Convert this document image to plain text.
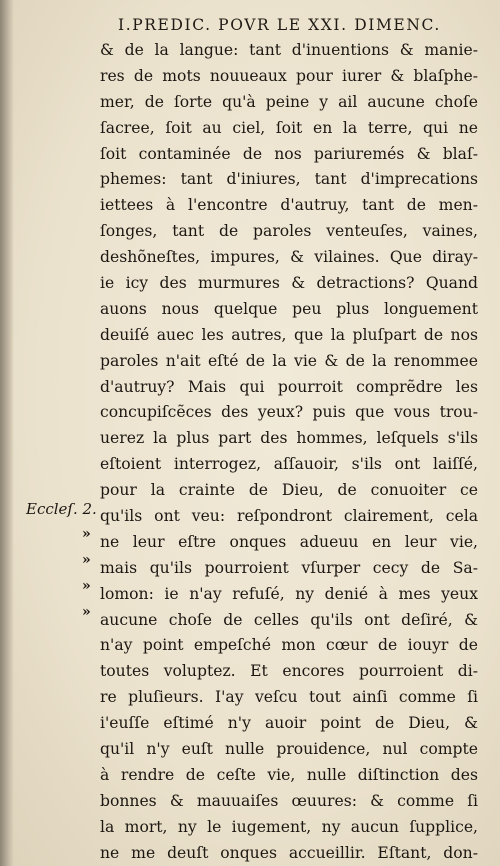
I.PREDIC. POVR LE XXI. DIMENC.
& de la langue: tant d'inuentions & manie-
res de mots nouueaux pour iurer & blaſphe-
mer, de ſorte qu'à peine y ail aucune choſe
ſacree, ſoit au ciel, ſoit en la terre, qui ne
ſoit contaminée de nos pariuremés & blaſ-
phemes: tant d'iniures, tant d'imprecations
iettees à l'encontre d'autruy, tant de men-
ſonges, tant de paroles venteuſes, vaines,
deshõneſtes, impures, & vilaines. Que diray-
ie icy des murmures & detractions? Quand
auons nous quelque peu plus longuement
deuiſé auec les autres, que la pluſpart de nos
paroles n'ait eſté de la vie & de la renommee
d'autruy? Mais qui pourroit comprẽdre les
concupiſcẽces des yeux? puis que vous trou-
uerez la plus part des hommes, leſquels s'ils
eſtoient interrogez, aſſauoir, s'ils ont laiſſé,
pour la crainte de Dieu, de conuoiter ce
qu'ils ont veu: reſpondront clairement, cela
ne leur eſtre onques adueuu en leur vie,
mais qu'ils pourroient vſurper cecy de Sa-
lomon: ie n'ay refuſé, ny denié à mes yeux
aucune choſe de celles qu'ils ont deſiré, &
n'ay point empeſché mon cœur de iouyr de
toutes voluptez. Et encores pourroient di-
re pluſieurs. I'ay veſcu tout ainſi comme ſi
i'euſſe eſtimé n'y auoir point de Dieu, &
qu'il n'y euſt nulle prouidence, nul compte
à rendre de ceſte vie, nulle diſtinction des
bonnes & mauuaiſes œuures: & comme ſi
la mort, ny le iugement, ny aucun ſupplice,
ne me deuſt onques accueillir. Eſtant, don-
Eccleſ. 2.
»
»
»
»
